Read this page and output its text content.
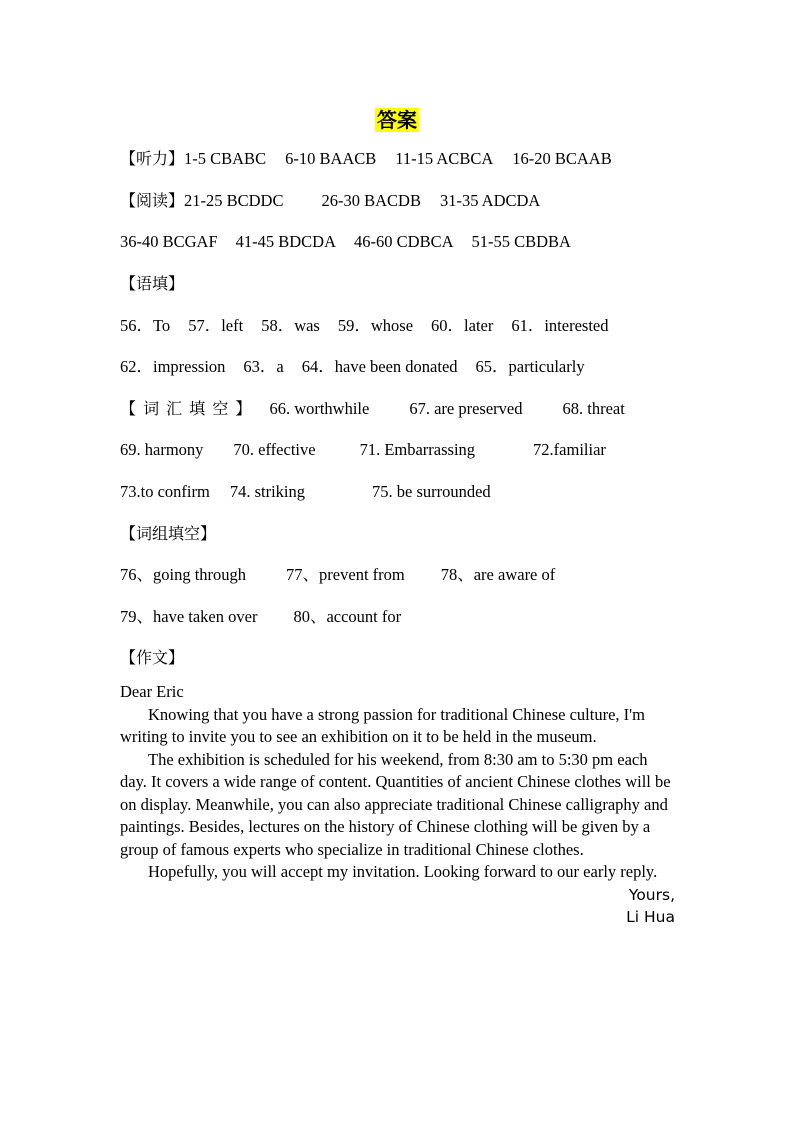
答案
【听力】1-5 CBABC 6-10 BAACB 11-15 ACBCA 16-20 BCAAB
【阅读】21-25 BCDDC 26-30 BACDB 31-35 ADCDA
36-40 BCGAF 41-45 BDCDA 46-60 CDBCA 51-55 CBDBA
【语填】
56．To 57．left 58．was 59．whose 60．later 61．interested
62．impression 63．a 64．have been donated 65．particularly
【 词 汇 填 空 】 66. worthwhile 67. are preserved 68. threat
69. harmony 70. effective	71. Embarrassing	72.familiar
73.to confirm 74. striking	75. be surrounded
【词组填空】
76、going through 77、prevent from 78、are aware of
79、have taken over 80、account for
【作文】

Dear Eric

Knowing that you have a strong passion for traditional Chinese culture, I'm writing to invite you to see an exhibition on it to be held in the museum.

The exhibition is scheduled for his weekend, from 8:30 am to 5:30 pm each day. It covers a wide range of content. Quantities of ancient Chinese clothes will be on display. Meanwhile, you can also appreciate traditional Chinese calligraphy and paintings. Besides, lectures on the history of Chinese clothing will be given by a group of famous experts who specialize in traditional Chinese clothes.

Hopefully, you will accept my invitation. Looking forward to our early reply.

Yours,

Li Hua
